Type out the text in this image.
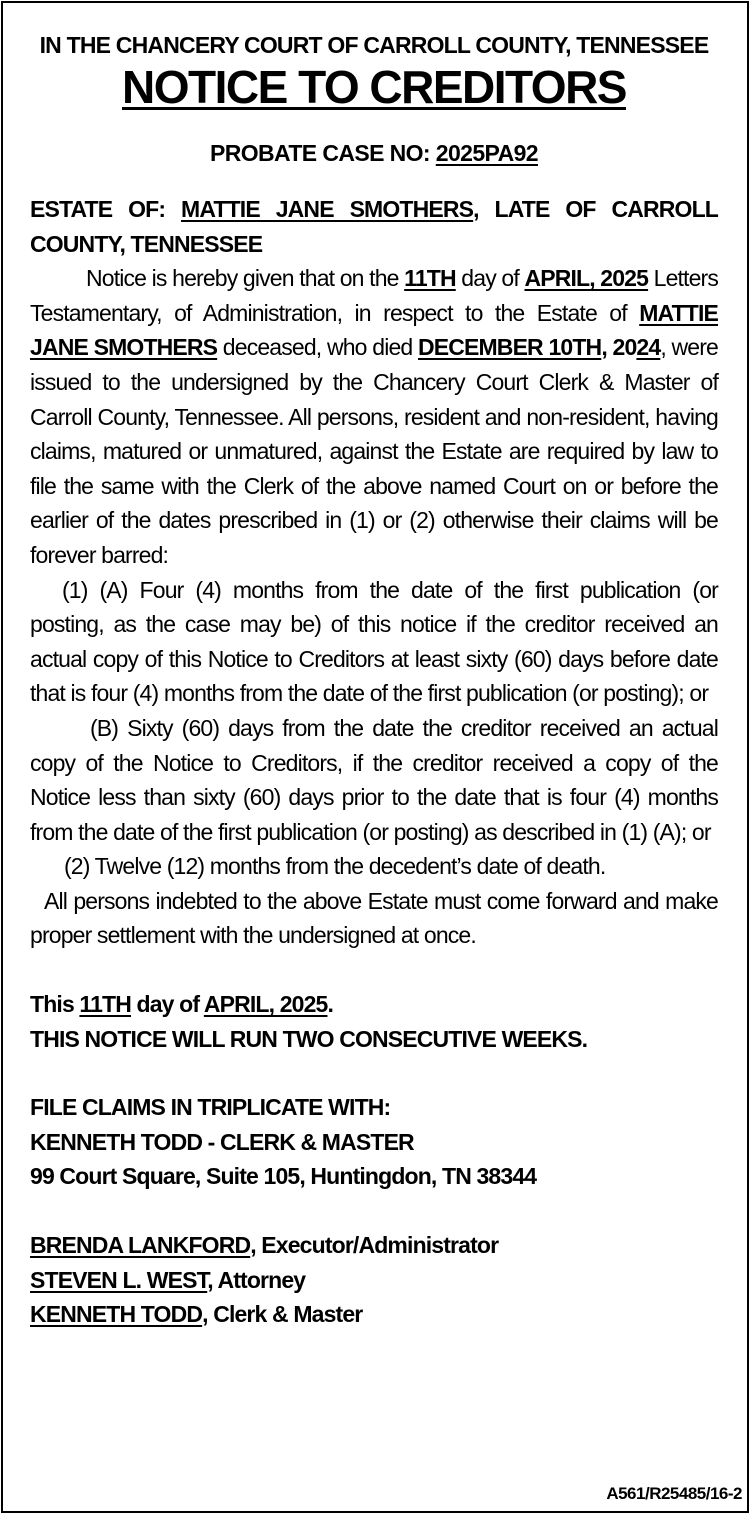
IN THE CHANCERY COURT OF CARROLL COUNTY, TENNESSEE
NOTICE TO CREDITORS
PROBATE CASE NO: 2025PA92

ESTATE OF: MATTIE JANE SMOTHERS, LATE OF CARROLL COUNTY, TENNESSEE

Notice is hereby given that on the 11TH day of APRIL, 2025 Letters Testamentary, of Administration, in respect to the Estate of MATTIE JANE SMOTHERS deceased, who died DECEMBER 10TH, 2024, were issued to the undersigned by the Chancery Court Clerk & Master of Carroll County, Tennessee. All persons, resident and non-resident, having claims, matured or unmatured, against the Estate are required by law to file the same with the Clerk of the above named Court on or before the earlier of the dates prescribed in (1) or (2) otherwise their claims will be forever barred:

(1) (A) Four (4) months from the date of the first publication (or posting, as the case may be) of this notice if the creditor received an actual copy of this Notice to Creditors at least sixty (60) days before date that is four (4) months from the date of the first publication (or posting); or

(B) Sixty (60) days from the date the creditor received an actual copy of the Notice to Creditors, if the creditor received a copy of the Notice less than sixty (60) days prior to the date that is four (4) months from the date of the first publication (or posting) as described in (1) (A); or

(2) Twelve (12) months from the decedent’s date of death.

All persons indebted to the above Estate must come forward and make proper settlement with the undersigned at once.

This 11TH day of APRIL, 2025.

THIS NOTICE WILL RUN TWO CONSECUTIVE WEEKS.

FILE CLAIMS IN TRIPLICATE WITH:

KENNETH TODD - CLERK & MASTER

99 Court Square, Suite 105, Huntingdon, TN 38344

BRENDA LANKFORD, Executor/Administrator

STEVEN L. WEST, Attorney

KENNETH TODD, Clerk & Master

A561/R25485/16-2
